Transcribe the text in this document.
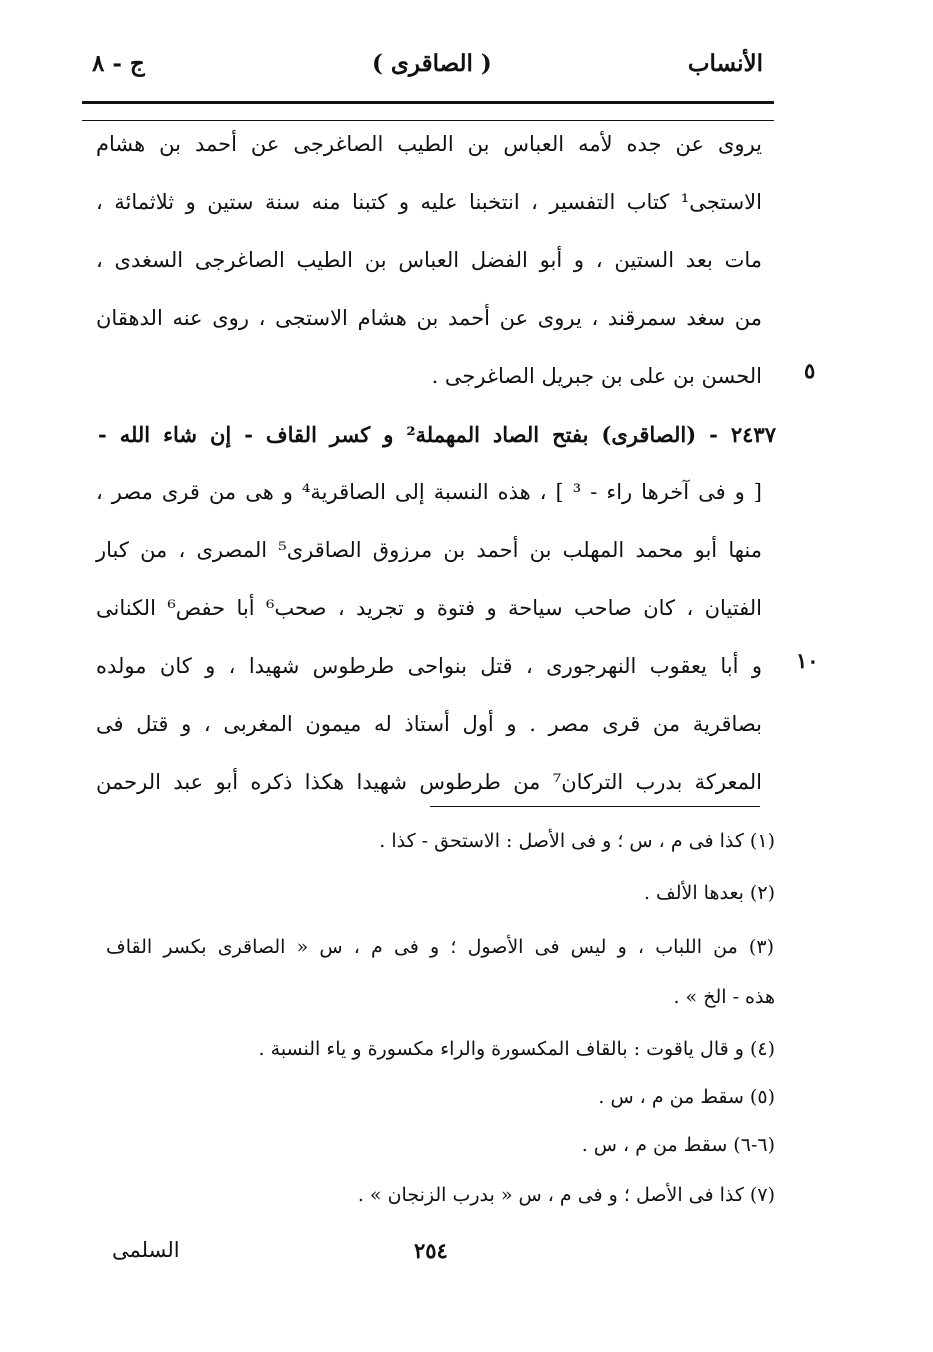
الأنساب
( الصاقرى )
ج - ٨
يروى عن جده لأمه العباس بن الطيب الصاغرجى عن أحمد بن هشام
الاستجى¹ كتاب التفسير ، انتخبنا عليه و كتبنا منه سنة ستين و ثلاثمائة ،
مات بعد الستين ، و أبو الفضل العباس بن الطيب الصاغرجى السغدى ،
من سغد سمرقند ، يروى عن أحمد بن هشام الاستجى ، روى عنه الدهقان
الحسن بن على بن جبريل الصاغرجى . ٥
٢٤٣٧ - (الصاقرى) بفتح الصاد المهملة² و كسر القاف - إن شاء الله -
[ و فى آخرها راء - ³ ] ، هذه النسبة إلى الصاقرية⁴ و هى من قرى مصر ،
منها أبو محمد المهلب بن أحمد بن مرزوق الصاقرى⁵ المصرى ، من كبار
الفتيان ، كان صاحب سياحة و فتوة و تجريد ، صحب⁶ أبا حفص⁶ الكنانى
و أبا يعقوب النهرجورى ، قتل بنواحى طرطوس شهيدا ، و كان مولده ١٠
بصاقرية من قرى مصر . و أول أستاذ له ميمون المغربى ، و قتل فى
المعركة بدرب التركان⁷ من طرطوس شهيدا هكذا ذكره أبو عبد الرحمن
(١) كذا فى م ، س ؛ و فى الأصل : الاستحق - كذا .
(٢) بعدها الألف .
(٣) من اللباب ، و ليس فى الأصول ؛ و فى م ، س « الصاقرى بكسر القاف
هذه - الخ » .
(٤) و قال ياقوت : بالقاف المكسورة والراء مكسورة و ياء النسبة .
(٥) سقط من م ، س .
(٦-٦) سقط من م ، س .
(٧) كذا فى الأصل ؛ و فى م ، س « بدرب الزنجان » .
٢٥٤
السلمى
